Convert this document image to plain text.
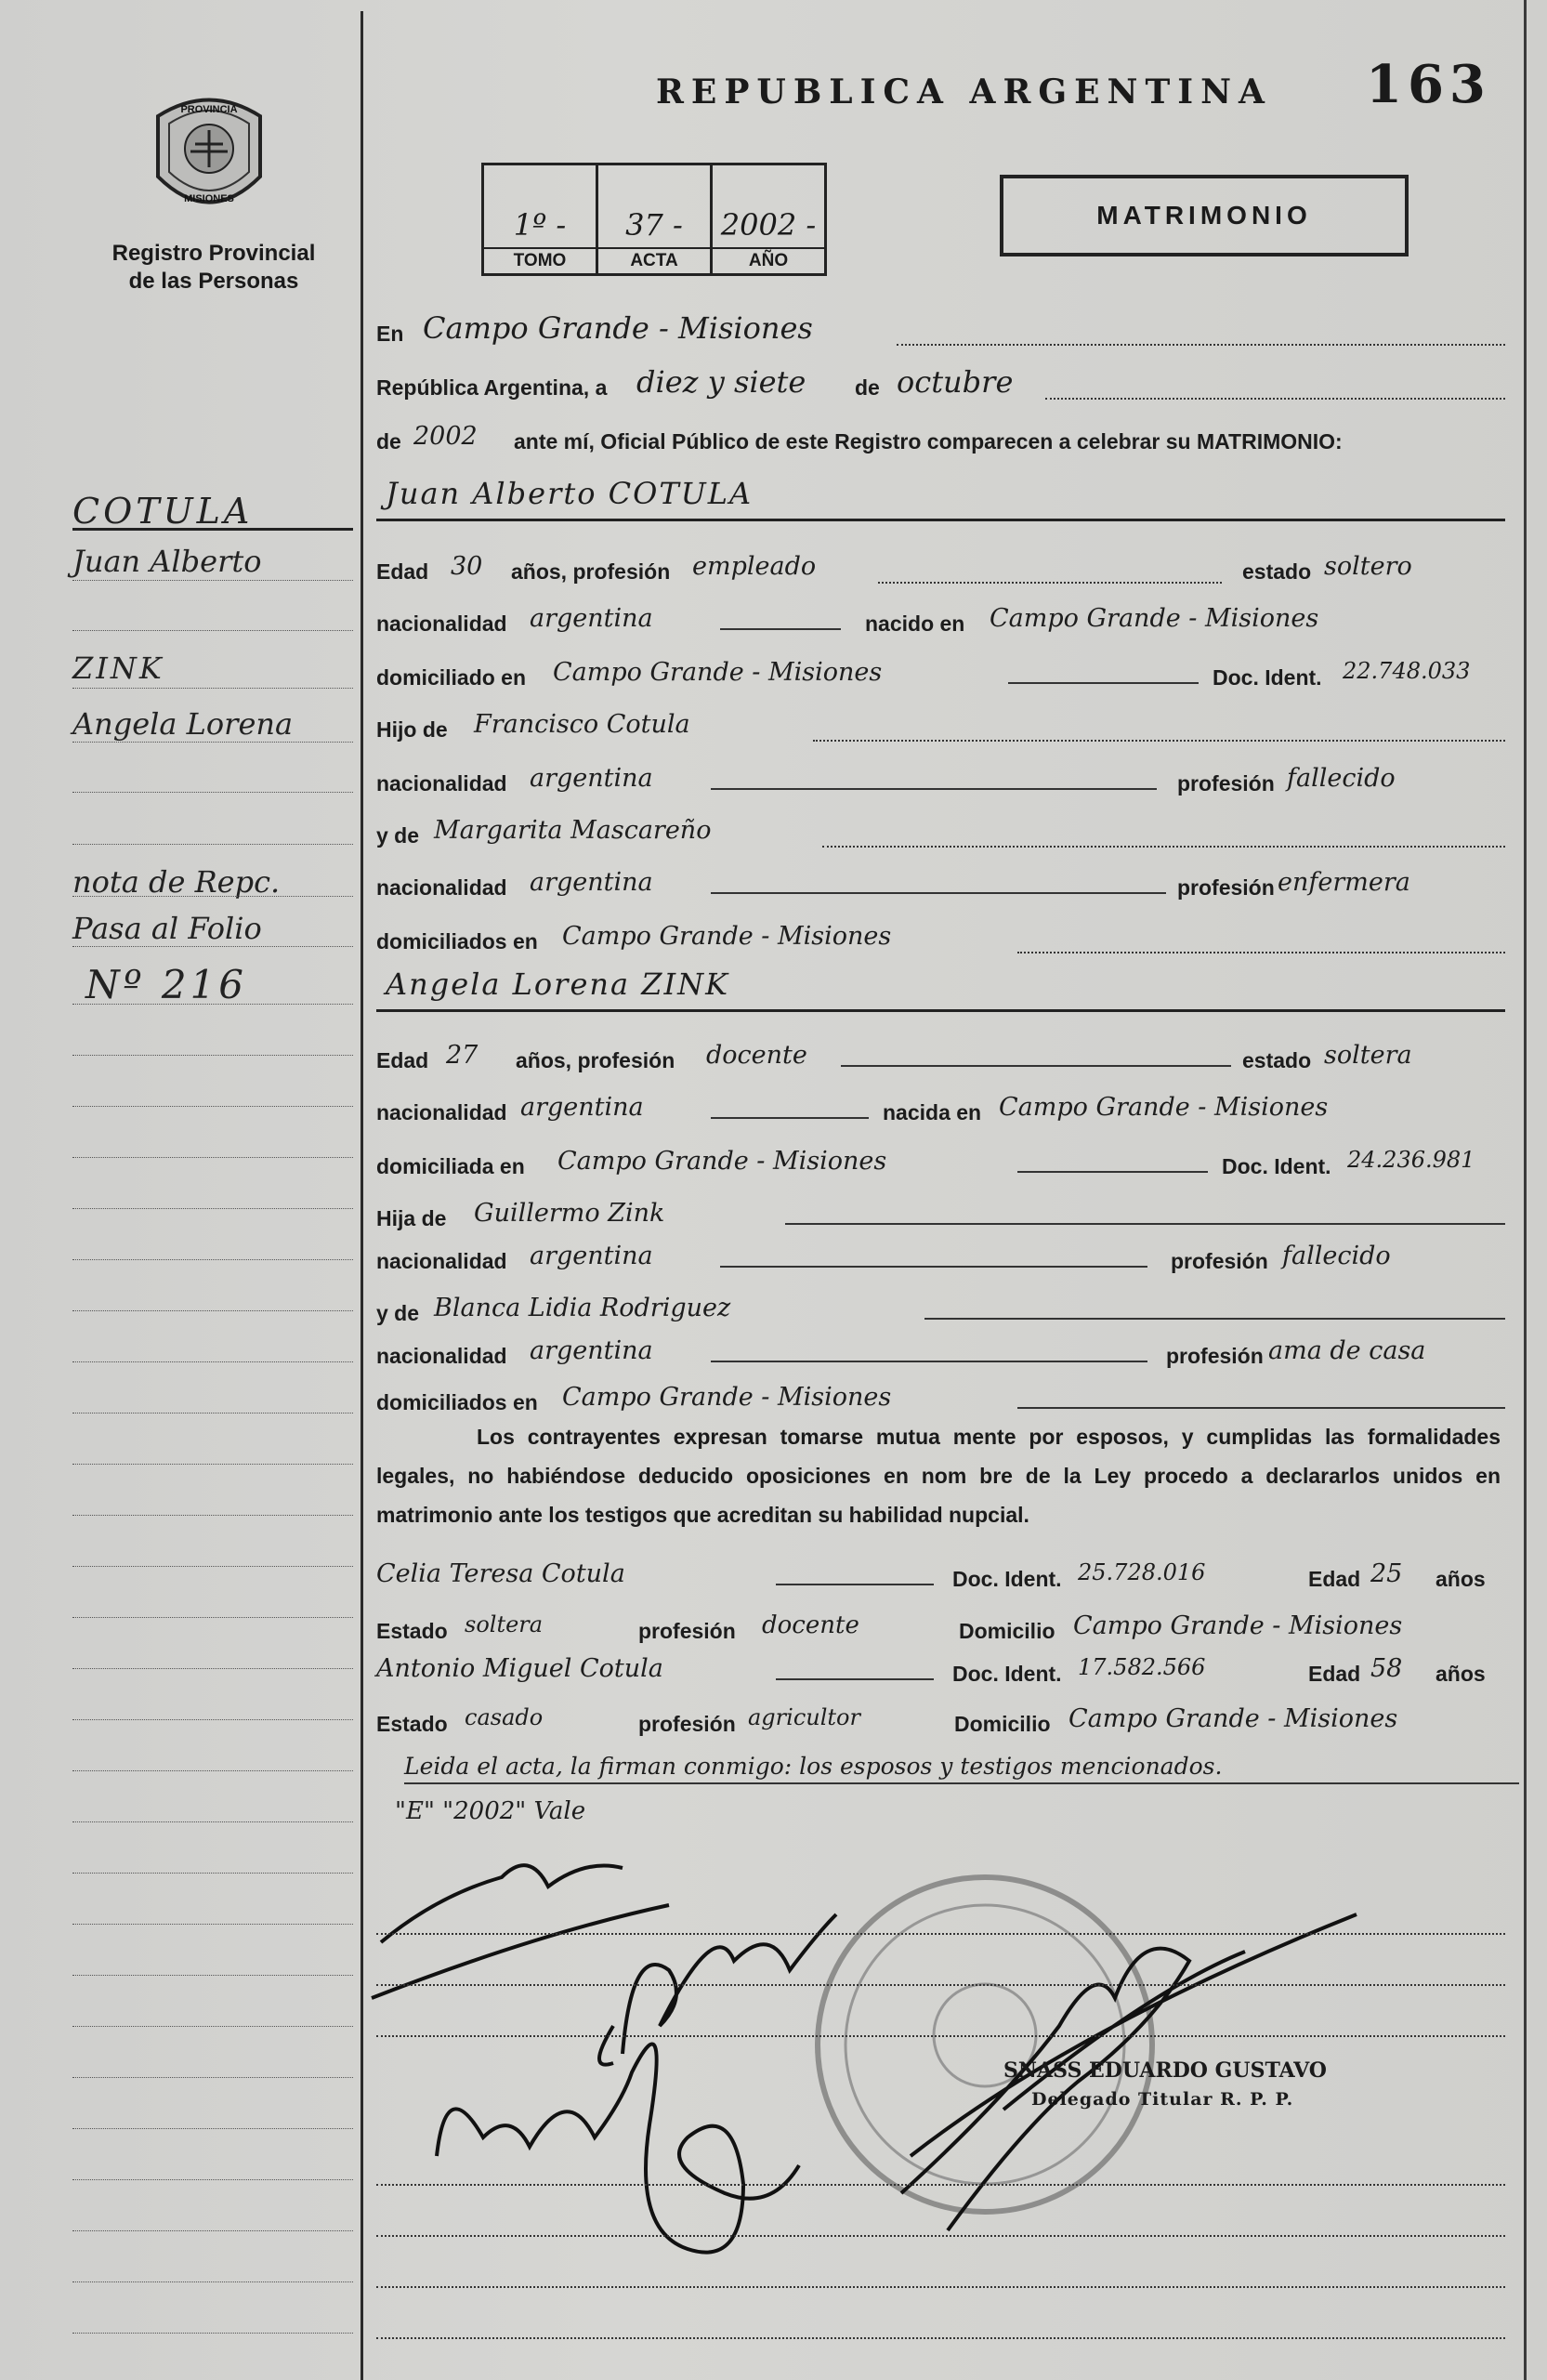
PROVINCIA
MISIONES
Registro Provincial
de las Personas
COTULA
Juan Alberto
ZINK
Angela Lorena
nota de Repc.
Pasa al Folio
Nº 216
REPUBLICA ARGENTINA 163
1º -
TOMO
37 -
ACTA
2002 -
AÑO
MATRIMONIO
En Campo Grande - Misiones
República Argentina, a diez y siete de octubre
de 2002 ante mí, Oficial Público de este Registro comparecen a celebrar su MATRIMONIO:
Juan Alberto COTULA
Edad 30 años, profesión empleado	estado soltero
nacionalidad argentina	nacido en Campo Grande - Misiones
domiciliado en Campo Grande - Misiones	Doc. Ident. 22.748.033
Hijo de Francisco Cotula
nacionalidad argentina	profesión fallecido
y de Margarita Mascareño
nacionalidad argentina	profesión enfermera
domiciliados en Campo Grande - Misiones
Angela Lorena ZINK
Edad 27 años, profesión docente	estado soltera
nacionalidad argentina	nacida en Campo Grande - Misiones
domiciliada en Campo Grande - Misiones	Doc. Ident. 24.236.981
Hija de Guillermo Zink
nacionalidad argentina	profesión fallecido
y de Blanca Lidia Rodriguez
nacionalidad argentina	profesión ama de casa
domiciliados en Campo Grande - Misiones
Los contrayentes expresan tomarse mutua mente por esposos, y cumplidas las formalidades legales, no habiéndose deducido oposiciones en nom bre de la Ley procedo a declararlos unidos en matrimonio ante los testigos que acreditan su habilidad nupcial.
Celia Teresa Cotula	Doc. Ident. 25.728.016	Edad 25 años
Estado soltera	profesión docente	Domicilio Campo Grande - Misiones
Antonio Miguel Cotula	Doc. Ident. 17.582.566	Edad 58 años
Estado casado	profesión agricultor	Domicilio Campo Grande - Misiones
Leida el acta, la firman conmigo: los esposos y testigos mencionados.
"E" "2002" Vale
SNASS EDUARDO GUSTAVO
Delegado Titular R. P. P.
